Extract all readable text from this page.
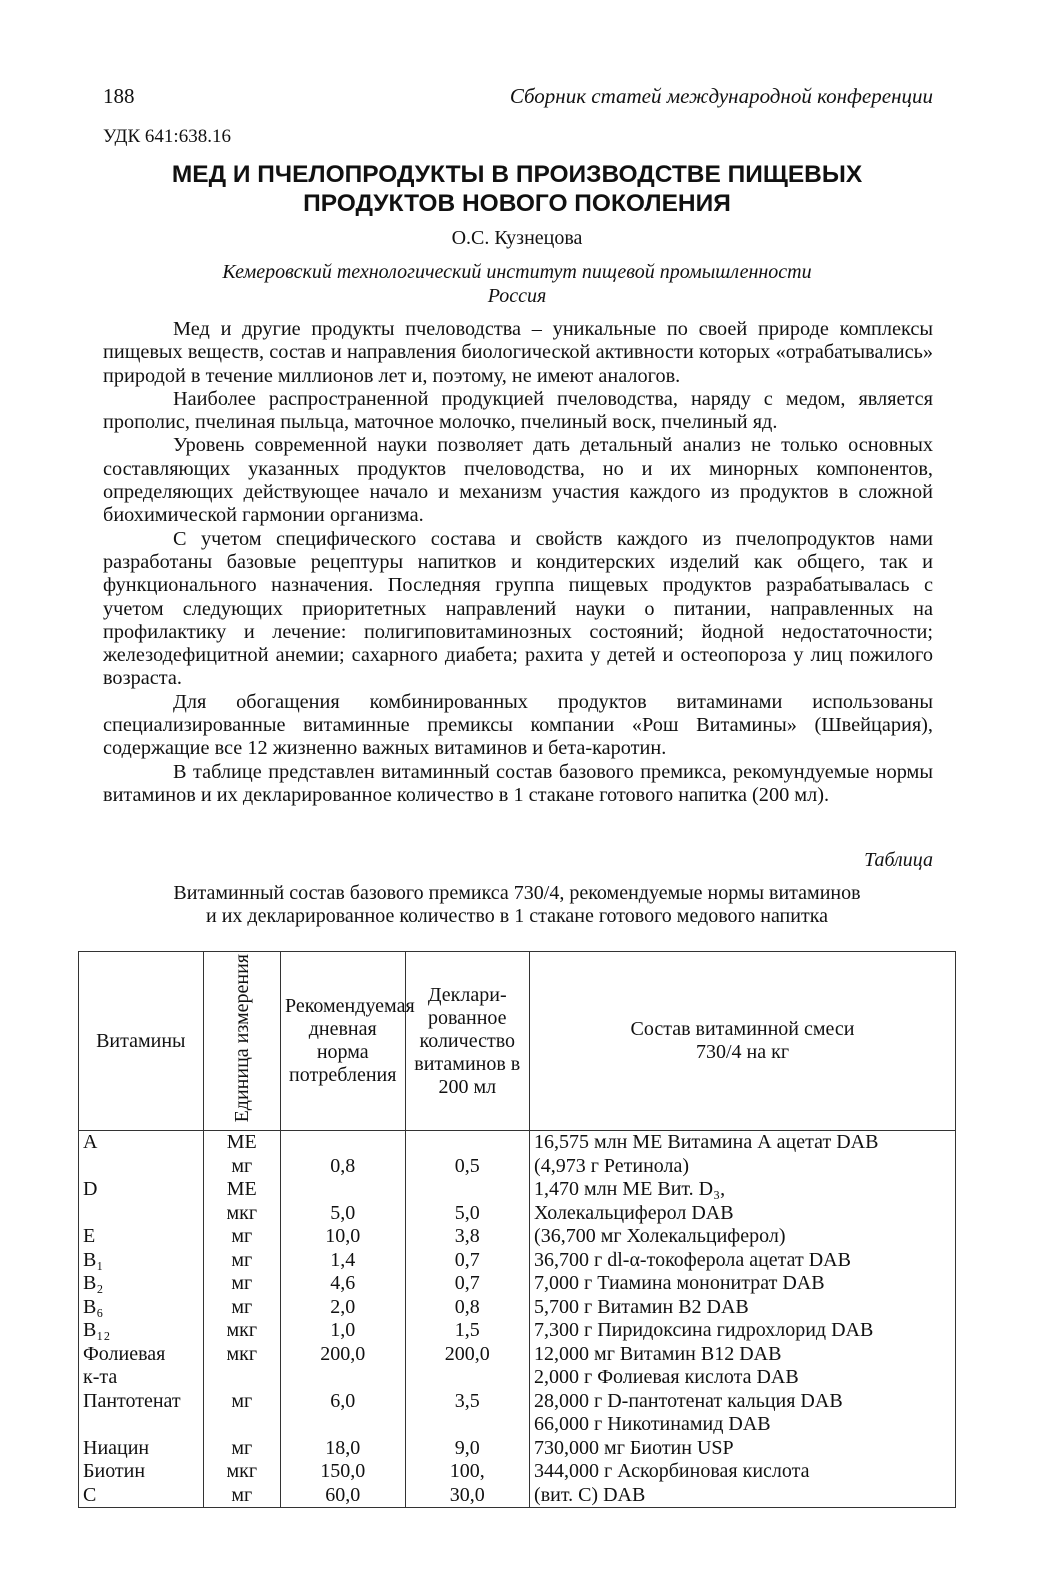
188	Сборник статей международной конференции
УДК 641:638.16
МЕД И ПЧЕЛОПРОДУКТЫ В ПРОИЗВОДСТВЕ ПИЩЕВЫХ
ПРОДУКТОВ НОВОГО ПОКОЛЕНИЯ
О.С. Кузнецова
Кемеровский технологический институт пищевой промышленности
Россия

Мед и другие продукты пчеловодства – уникальные по своей природе комплексы пищевых веществ, состав и направления биологической активности которых «отрабатывались» природой в течение миллионов лет и, поэтому, не имеют аналогов.

Наиболее распространенной продукцией пчеловодства, наряду с медом, является прополис, пчелиная пыльца, маточное молочко, пчелиный воск, пчелиный яд.

Уровень современной науки позволяет дать детальный анализ не только основных составляющих указанных продуктов пчеловодства, но и их минорных компонентов, определяющих действующее начало и механизм участия каждого из продуктов в сложной биохимической гармонии организма.

С учетом специфического состава и свойств каждого из пчелопродуктов нами разработаны базовые рецептуры напитков и кондитерских изделий как общего, так и функционального назначения. Последняя группа пищевых продуктов разрабатывалась с учетом следующих приоритетных направлений науки о питании, направленных на профилактику и лечение: полигиповитаминозных состояний; йодной недостаточности; железодефицитной анемии; сахарного диабета; рахита у детей и остеопороза у лиц пожилого возраста.

Для обогащения комбинированных продуктов витаминами использованы специализированные витаминные премиксы компании «Рош Витамины» (Швейцария), содержащие все 12 жизненно важных витаминов и бета-каротин.

В таблице представлен витаминный состав базового премикса, рекомундуемые нормы витаминов и их декларированное количество в 1 стакане готового напитка (200 мл).

Таблица
Витаминный состав базового премикса 730/4, рекомендуемые нормы витаминов
и их декларированное количество в 1 стакане готового медового напитка
Витамины	Единица измерения	Рекомендуемая дневная норма потребления	Деклари-рованное количество витаминов в 200 мл	Состав витаминной смеси 730/4 на кг
A	ME			16,575 млн МЕ Витамина А ацетат DAB
	мг	0,8	0,5	(4,973 г Ретинола)
D	ME			1,470 млн МЕ Вит. D₃,
	мкг	5,0	5,0	Холекальциферол DAB
E	мг	10,0	3,8	(36,700 мг Холекальциферол)
B₁	мг	1,4	0,7	36,700 г dl-α-токоферола ацетат DAB
B₂	мг	4,6	0,7	7,000 г Тиамина мононитрат DAB
B₆	мг	2,0	0,8	5,700 г Витамин B2 DAB
B₁₂	мкг	1,0	1,5	7,300 г Пиридоксина гидрохлорид DAB
Фолиевая	мкг	200,0	200,0	12,000 мг Витамин B12 DAB
к-та				2,000 г Фолиевая кислота DAB
Пантотенат	мг	6,0	3,5	28,000 г D-пантотенат кальция DAB
				66,000 г Никотинамид DAB
Ниацин	мг	18,0	9,0	730,000 мг Биотин USP
Биотин	мкг	150,0	100,	344,000 г Аскорбиновая кислота
C	мг	60,0	30,0	(вит. C) DAB
